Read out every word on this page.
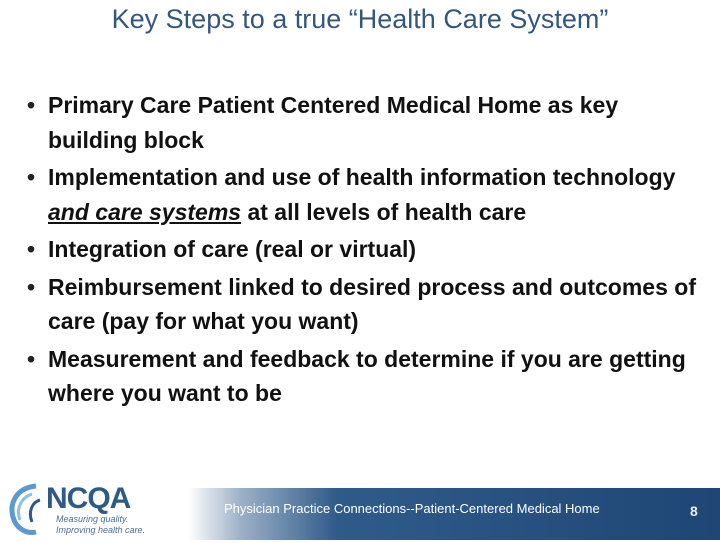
Key Steps to a true “Health Care System”
• Primary Care Patient Centered Medical Home as key building block
• Implementation and use of health information technology and care systems at all levels of health care
• Integration of care (real or virtual)
• Reimbursement linked to desired process and outcomes of care (pay for what you want)
• Measurement and feedback to determine if you are getting where you want to be
NCQA
Measuring quality.
Improving health care.
Physician Practice Connections--Patient-Centered Medical Home	8
